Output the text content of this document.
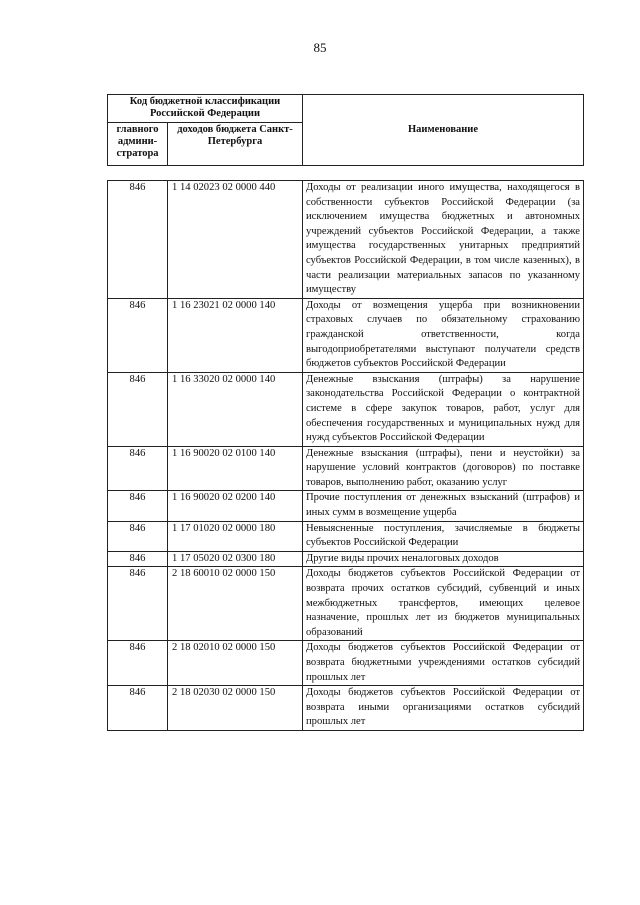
85
Код бюджетной классификации Российской Федерации		Наименование
главного админи-стратора	доходов бюджета Санкт-Петербурга	
846	1 14 02023 02 0000 440	Доходы от реализации иного имущества, находящегося в собственности субъектов Российской Федерации (за исключением имущества бюджетных и автономных учреждений субъектов Российской Федерации, а также имущества государственных унитарных предприятий субъектов Российской Федерации, в том числе казенных), в части реализации материальных запасов по указанному имуществу
846	1 16 23021 02 0000 140	Доходы от возмещения ущерба при возникновении страховых случаев по обязательному страхованию гражданской ответственности, когда выгодоприобретателями выступают получатели средств бюджетов субъектов Российской Федерации
846	1 16 33020 02 0000 140	Денежные взыскания (штрафы) за нарушение законодательства Российской Федерации о контрактной системе в сфере закупок товаров, работ, услуг для обеспечения государственных и муниципальных нужд для нужд субъектов Российской Федерации
846	1 16 90020 02 0100 140	Денежные взыскания (штрафы), пени и неустойки) за нарушение условий контрактов (договоров) по поставке товаров, выполнению работ, оказанию услуг
846	1 16 90020 02 0200 140	Прочие поступления от денежных взысканий (штрафов) и иных сумм в возмещение ущерба
846	1 17 01020 02 0000 180	Невыясненные поступления, зачисляемые в бюджеты субъектов Российской Федерации
846	1 17 05020 02 0300 180	Другие виды прочих неналоговых доходов
846	2 18 60010 02 0000 150	Доходы бюджетов субъектов Российской Федерации от возврата прочих остатков субсидий, субвенций и иных межбюджетных трансфертов, имеющих целевое назначение, прошлых лет из бюджетов муниципальных образований
846	2 18 02010 02 0000 150	Доходы бюджетов субъектов Российской Федерации от возврата бюджетными учреждениями остатков субсидий прошлых лет
846	2 18 02030 02 0000 150	Доходы бюджетов субъектов Российской Федерации от возврата иными организациями остатков субсидий прошлых лет
